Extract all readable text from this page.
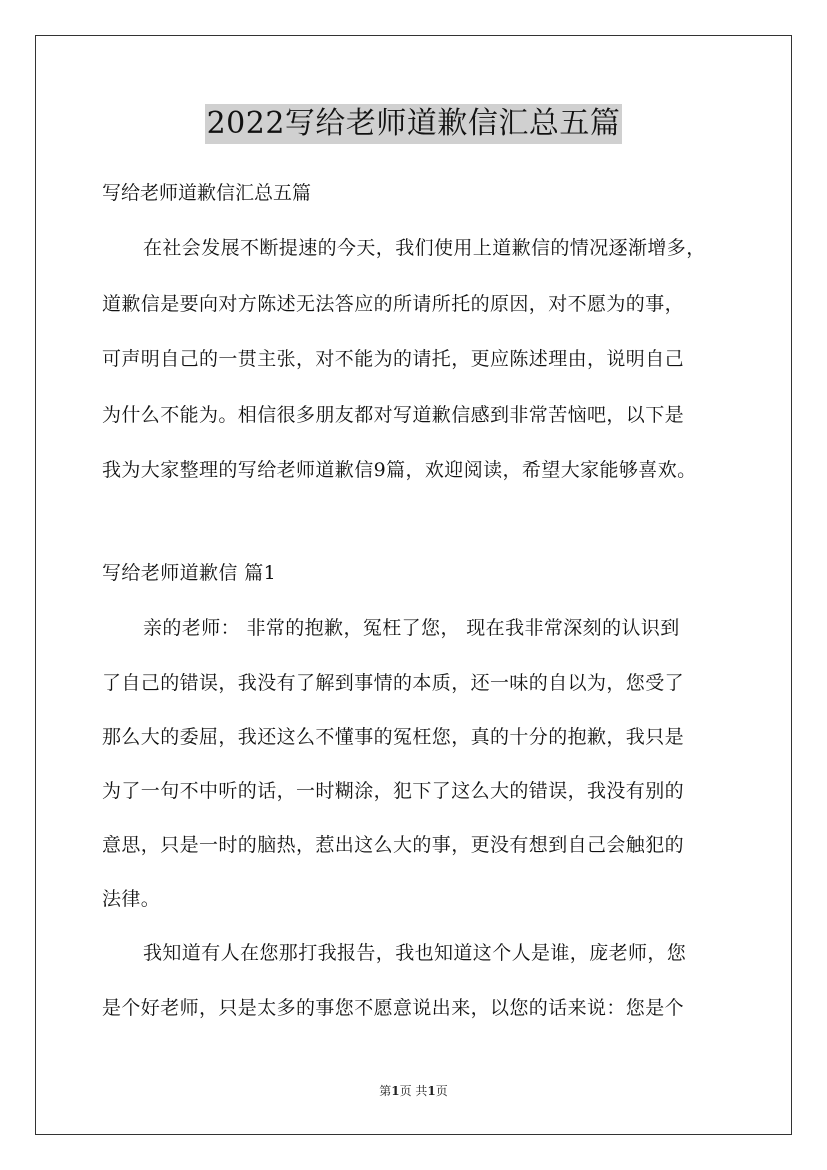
2022写给老师道歉信汇总五篇
写给老师道歉信汇总五篇
在社会发展不断提速的今天，我们使用上道歉信的情况逐渐增多，
道歉信是要向对方陈述无法答应的所请所托的原因，对不愿为的事，
可声明自己的一贯主张，对不能为的请托，更应陈述理由，说明自己
为什么不能为。相信很多朋友都对写道歉信感到非常苦恼吧，以下是
我为大家整理的写给老师道歉信9篇，欢迎阅读，希望大家能够喜欢。
写给老师道歉信 篇1
亲的老师： 非常的抱歉，冤枉了您， 现在我非常深刻的认识到
了自己的错误，我没有了解到事情的本质，还一味的自以为，您受了
那么大的委屈，我还这么不懂事的冤枉您，真的十分的抱歉，我只是
为了一句不中听的话，一时糊涂，犯下了这么大的错误，我没有别的
意思，只是一时的脑热，惹出这么大的事，更没有想到自己会触犯的
法律。
我知道有人在您那打我报告，我也知道这个人是谁，庞老师，您
是个好老师，只是太多的事您不愿意说出来，以您的话来说：您是个
第1页 共1页
